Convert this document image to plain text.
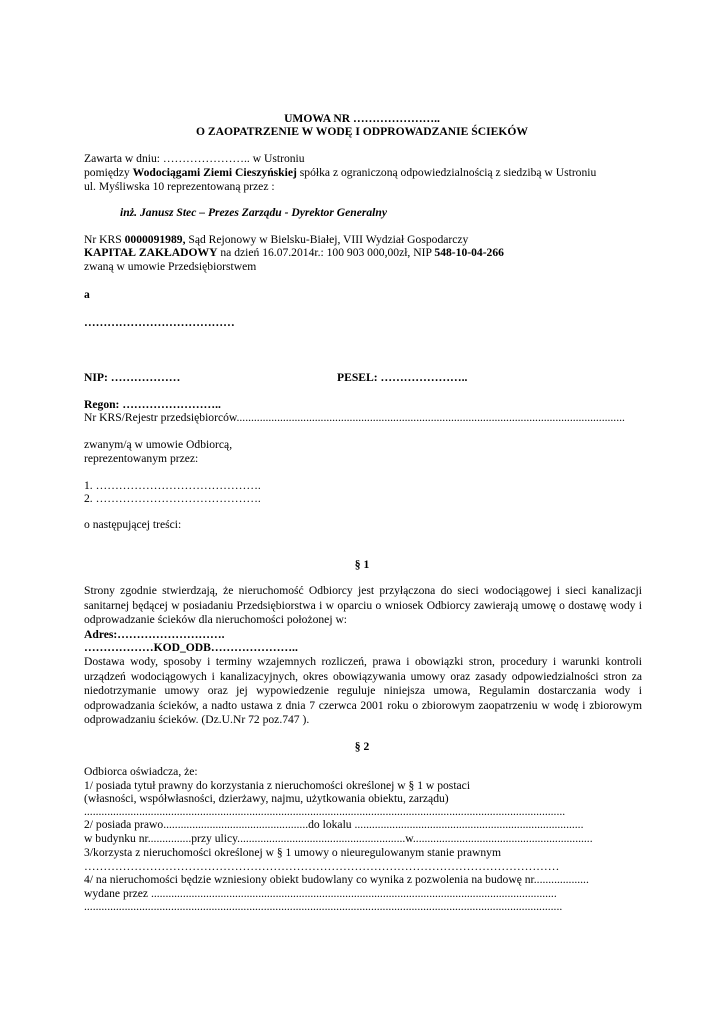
UMOWA NR …………………..
O ZAOPATRZENIE W WODĘ I ODPROWADZANIE ŚCIEKÓW
Zawarta w dniu: ………………….. w Ustroniu
pomiędzy Wodociągami Ziemi Cieszyńskiej spółka z ograniczoną odpowiedzialnością z siedzibą w Ustroniu
ul. Myśliwska 10 reprezentowaną przez :
inż. Janusz Stec – Prezes Zarządu - Dyrektor Generalny
Nr KRS 0000091989, Sąd Rejonowy w Bielsku-Białej, VIII Wydział Gospodarczy
KAPITAŁ ZAKŁADOWY na dzień 16.07.2014r.: 100 903 000,00zł, NIP 548-10-04-266
zwaną w umowie Przedsiębiorstwem
a
…………………………………
NIP: ………………	PESEL: …………………..
Regon: ……………………..
Nr KRS/Rejestr przedsiębiorców......................................................................................................................................
zwanym/ą w umowie Odbiorcą,
reprezentowanym przez:
1. …………………………………….
2. …………………………………….
o następującej treści:
§ 1
Strony zgodnie stwierdzają, że nieruchomość Odbiorcy jest przyłączona do sieci wodociągowej i sieci kanalizacji sanitarnej będącej w posiadaniu Przedsiębiorstwa i w oparciu o wniosek Odbiorcy zawierają umowę o dostawę wody i odprowadzanie ścieków dla nieruchomości położonej w:
Adres:……………………….
………………KOD_ODB…………………..
Dostawa wody, sposoby i terminy wzajemnych rozliczeń, prawa i obowiązki stron, procedury i warunki kontroli urządzeń wodociągowych i kanalizacyjnych, okres obowiązywania umowy oraz zasady odpowiedzialności stron za niedotrzymanie umowy oraz jej wypowiedzenie reguluje niniejsza umowa, Regulamin dostarczania wody i odprowadzania ścieków, a nadto ustawa z dnia 7 czerwca 2001 roku o zbiorowym zaopatrzeniu w wodę i zbiorowym odprowadzaniu ścieków. (Dz.U.Nr 72 poz.747 ).
§ 2
Odbiorca oświadcza, że:
1/ posiada tytuł prawny do korzystania z nieruchomości określonej w § 1 w postaci
(własności, współwłasności, dzierżawy, najmu, użytkowania obiektu, zarządu)
......................................................................................................................................................................
2/ posiada prawo..................................................do lokalu ...............................................................................
w budynku nr...............przy ulicy..........................................................w..............................................................
3/korzysta z nieruchomości określonej w § 1 umowy o nieuregulowanym stanie prawnym
……………………………………………………………………………………………………………
4/ na nieruchomości będzie wzniesiony obiekt budowlany co wynika z pozwolenia na budowę nr...................
wydane przez ............................................................................................................................................
.....................................................................................................................................................................
